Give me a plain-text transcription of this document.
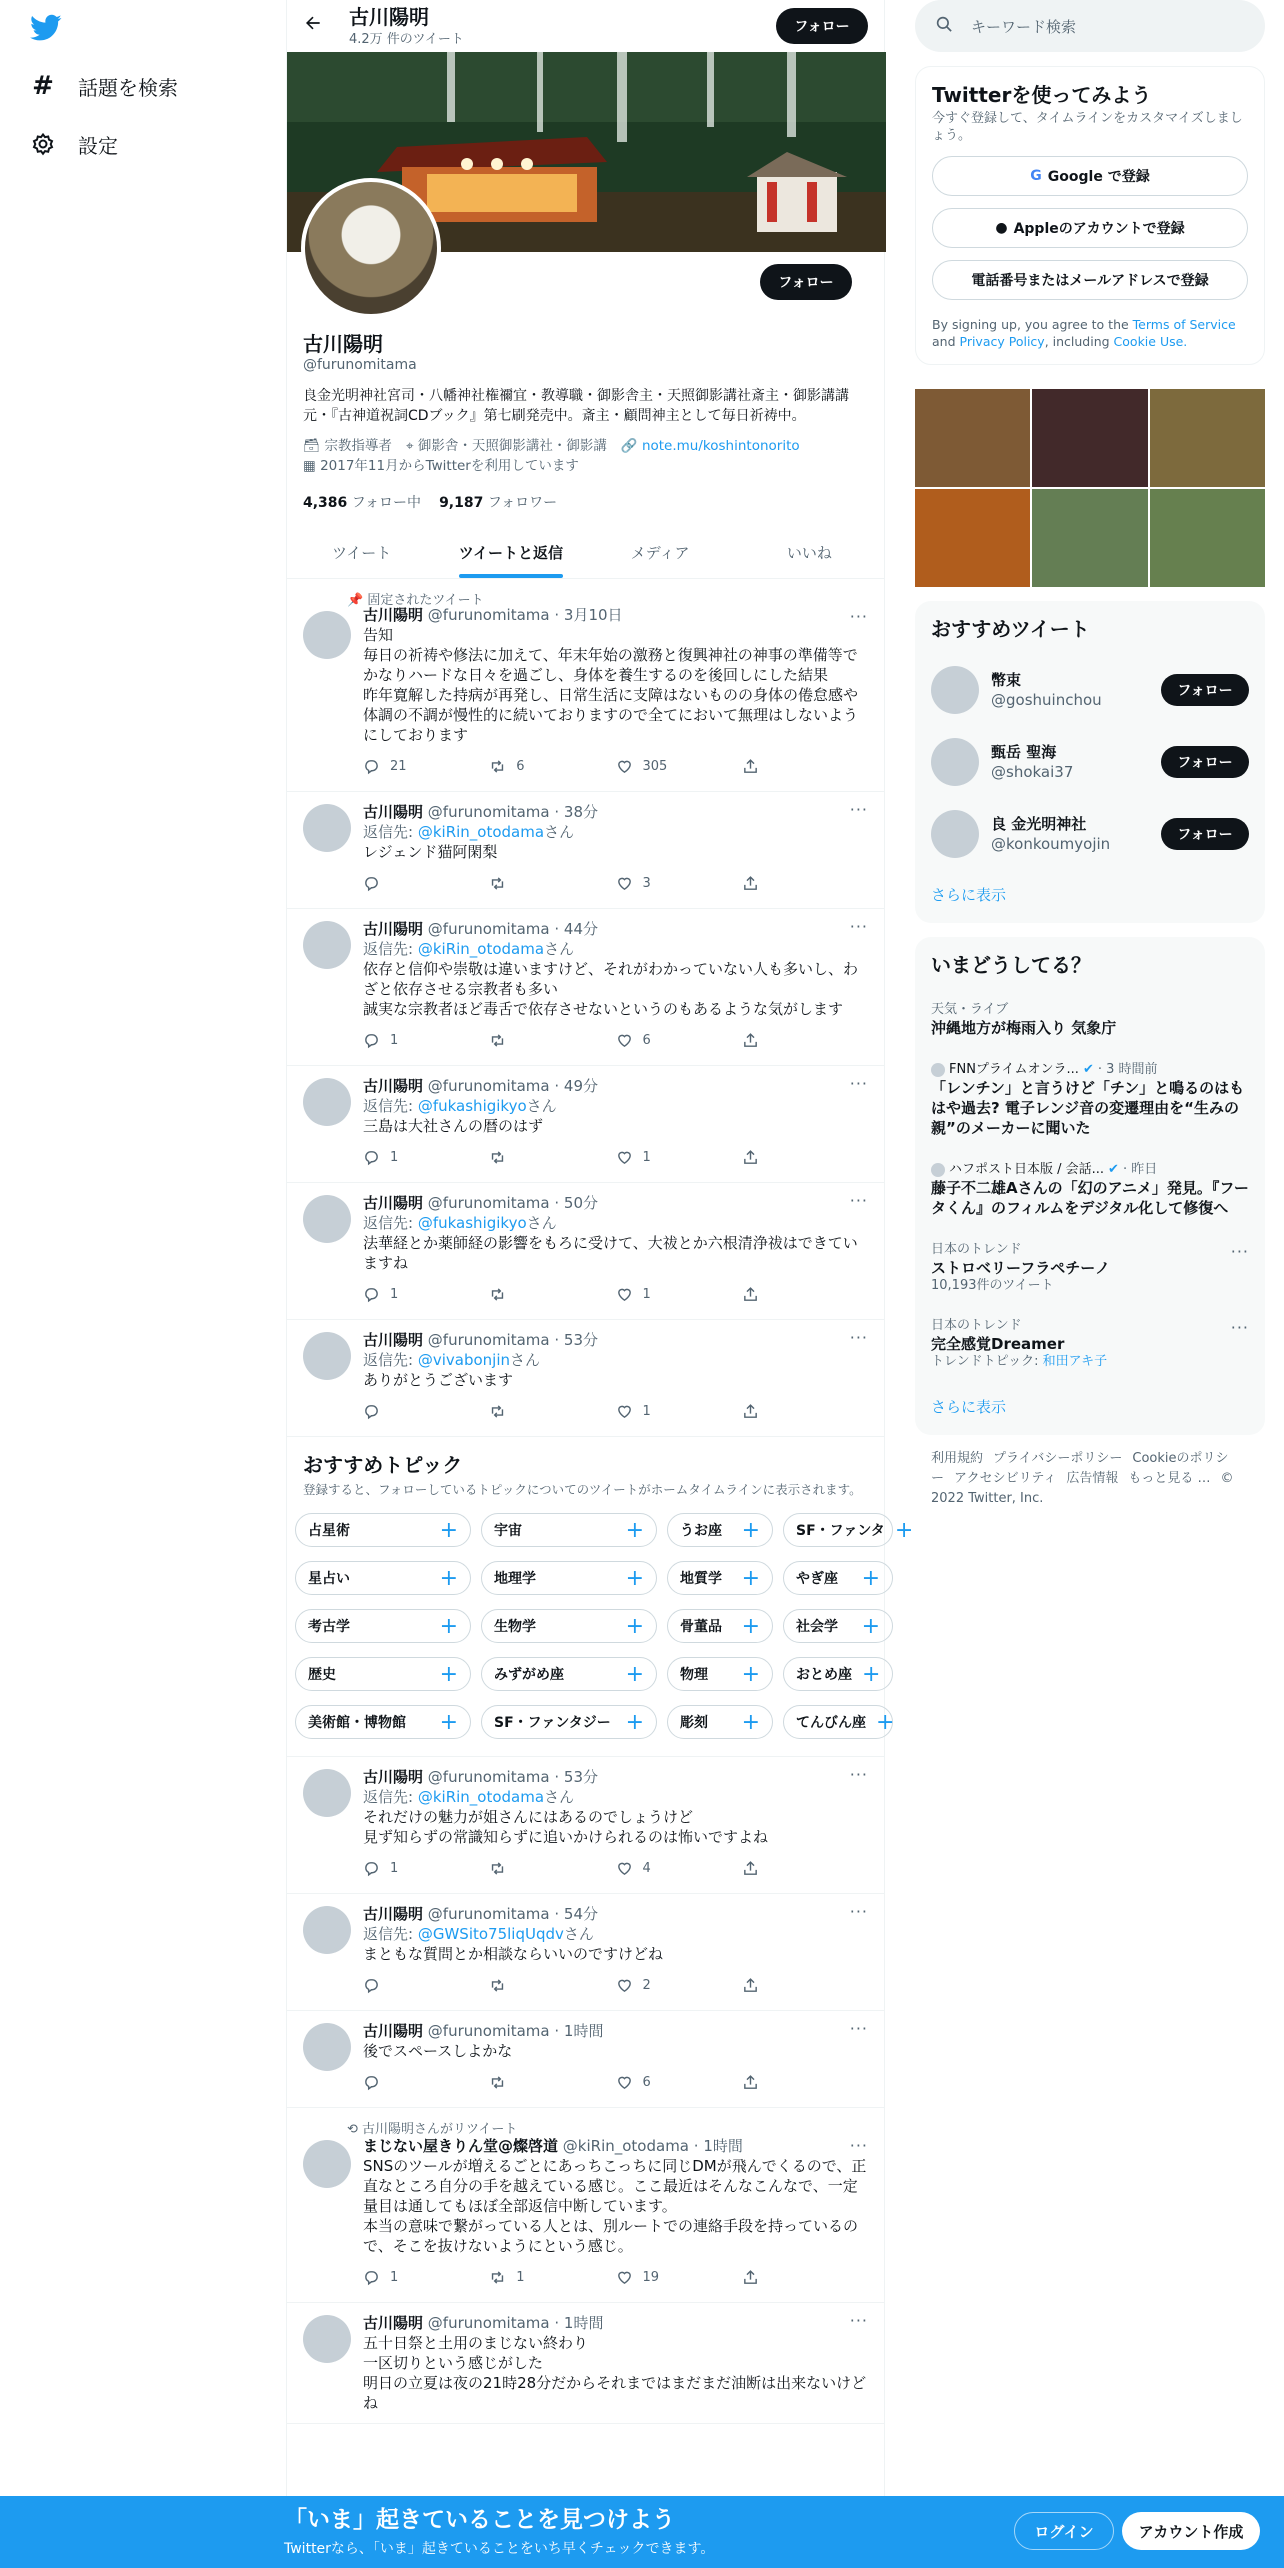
# 話題を検索
設定
古川陽明
4.2万 件のツイート
フォロー
フォロー
古川陽明
@furunomitama
良金光明神社宮司・八幡神社権禰宜・教導職・御影舎主・天照御影講社斎主・御影講講元・『古神道祝詞CDブック』第七刷発売中。斎主・顧問神主として毎日祈祷中。
🗃 宗教指導者 ⌖ 御影舎・天照御影講社・御影講 🔗 note.mu/koshintonorito
▦ 2017年11月からTwitterを利用しています
4,386 フォロー中 9,187 フォロワー
ツイート	ツイートと返信	メディア	いいね
📌 固定されたツイート
···
古川陽明 @furunomitama · 3月10日
告知
毎日の祈祷や修法に加えて、年末年始の激務と復興神社の神事の準備等でかなりハードな日々を過ごし、身体を養生するのを後回しにした結果
昨年寛解した持病が再発し、日常生活に支障はないものの身体の倦怠感や体調の不調が慢性的に続いておりますので全てにおいて無理はしないようにしております
21	6	305
···
古川陽明 @furunomitama · 38分
返信先: @kiRin_otodamaさん
レジェンド猫阿閑梨
3
···
古川陽明 @furunomitama · 44分
返信先: @kiRin_otodamaさん
依存と信仰や崇敬は違いますけど、それがわかっていない人も多いし、わざと依存させる宗教者も多い
誠実な宗教者ほど毒舌で依存させないというのもあるような気がします
1	6
···
古川陽明 @furunomitama · 49分
返信先: @fukashigikyoさん
三島は大社さんの暦のはず
1	1
···
古川陽明 @furunomitama · 50分
返信先: @fukashigikyoさん
法華経とか薬師経の影響をもろに受けて、大祓とか六根清浄祓はできていますね
1	1
···
古川陽明 @furunomitama · 53分
返信先: @vivabonjinさん
ありがとうございます
1
おすすめトピック
登録すると、フォローしているトピックについてのツイートがホームタイムラインに表示されます。
占星術	+	宇宙	+	うお座 +	SF・ファンタ +
星占い	+	地理学	+	地質学 +	やぎ座 +
考古学	+	生物学	+	骨董品 +	社会学 +
歴史	+	みずがめ座	+	物理 +	おとめ座 +
美術館・博物館 +	SF・ファンタジー +	彫刻 +	てんびん座 +
···
古川陽明 @furunomitama · 53分
返信先: @kiRin_otodamaさん
それだけの魅力が姐さんにはあるのでしょうけど
見ず知らずの常識知らずに追いかけられるのは怖いですよね
1	4
···
古川陽明 @furunomitama · 54分
返信先: @GWSito75liqUqdvさん
まともな質問とか相談ならいいのですけどね
2
···
古川陽明 @furunomitama · 1時間
後でスペースしよかな
6
⟲ 古川陽明さんがリツイート
···
まじない屋きりん堂@燦啓道 @kiRin_otodama · 1時間
SNSのツールが増えるごとにあっちこっちに同じDMが飛んでくるので、正直なところ自分の手を越えている感じ。ここ最近はそんなこんなで、一定量目は通してもほぼ全部返信中断しています。
本当の意味で繋がっている人とは、別ルートでの連絡手段を持っているので、そこを抜けないようにという感じ。
1	1	19
···
古川陽明 @furunomitama · 1時間
五十日祭と土用のまじない終わり
一区切りという感じがした
明日の立夏は夜の21時28分だからそれまではまだまだ油断は出来ないけどね
キーワード検索
Twitterを使ってみよう
今すぐ登録して、タイムラインをカスタマイズしましょう。
G Google で登録
● Appleのアカウントで登録
電話番号またはメールアドレスで登録
By signing up, you agree to the Terms of Service and Privacy Policy, including Cookie Use.
おすすめツイート
幣束
@goshuinchou	フォロー
甄岳 聖海
@shokai37	フォロー
良 金光明神社
@konkoumyojin	フォロー
さらに表示
いまどうしてる？
天気・ライブ
沖縄地方が梅雨入り 気象庁
FNNプライムオンラ... ✔ · 3 時間前
「レンチン」と言うけど「チン」と鳴るのはもはや過去? 電子レンジ音の変遷理由を“生みの親”のメーカーに聞いた
ハフポスト日本版 / 会話... ✔ · 昨日
藤子不二雄Aさんの「幻のアニメ」発見。『フータくん』のフィルムをデジタル化して修復へ
日本のトレンド
ストロベリーフラペチーノ
10,193件のツイート
···
日本のトレンド
完全感覚Dreamer
トレンドトピック: 和田アキ子
···
さらに表示
利用規約 プライバシーポリシー Cookieのポリシー アクセシビリティ 広告情報 もっと見る … © 2022 Twitter, Inc.
「いま」起きていることを見つけよう
Twitterなら、「いま」起きていることをいち早くチェックできます。
ログイン	アカウント作成
